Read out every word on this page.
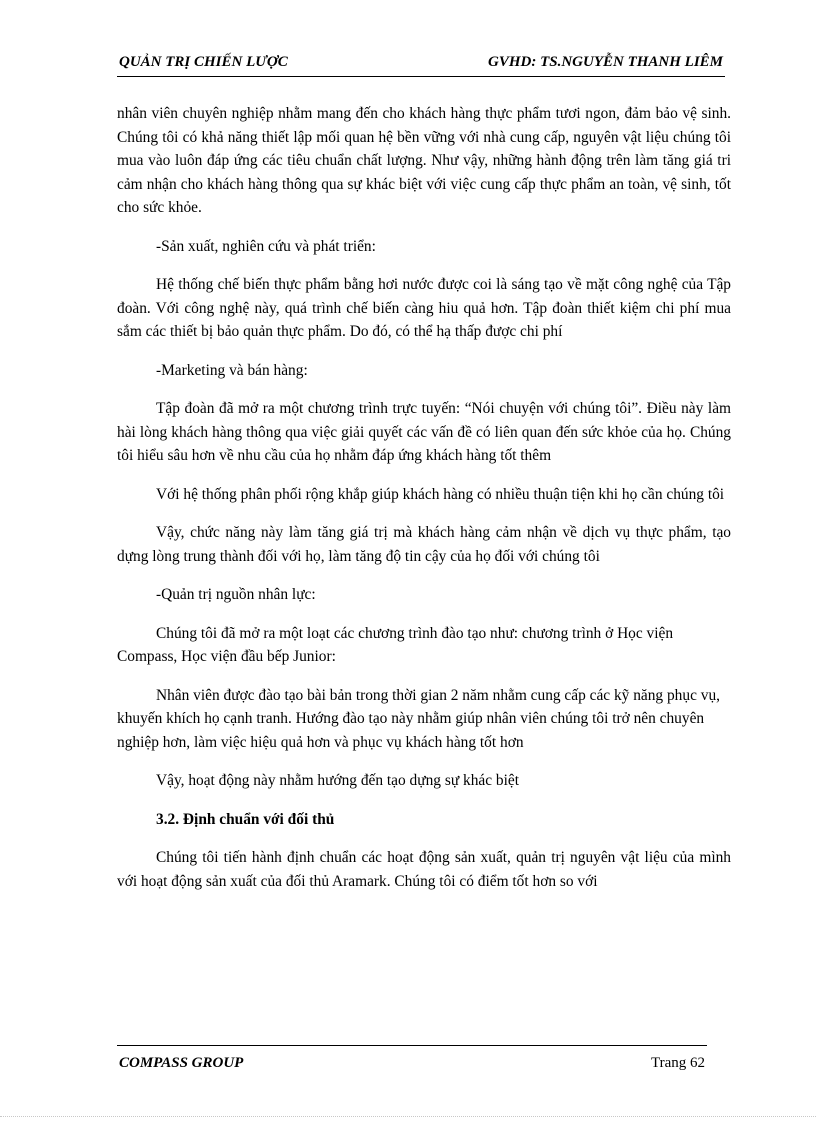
QUẢN TRỊ CHIẾN LƯỢC	GVHD: TS.NGUYỄN THANH LIÊM

nhân viên chuyên nghiệp nhằm mang đến cho khách hàng thực phẩm tươi ngon, đảm bảo vệ sinh. Chúng tôi có khả năng thiết lập mối quan hệ bền vững với nhà cung cấp, nguyên vật liệu chúng tôi mua vào luôn đáp ứng các tiêu chuẩn chất lượng. Như vậy, những hành động trên làm tăng giá tri cảm nhận cho khách hàng thông qua sự khác biệt với việc cung cấp thực phẩm an toàn, vệ sinh, tốt cho sức khỏe.

-Sản xuất, nghiên cứu và phát triển:

Hệ thống chế biến thực phẩm bằng hơi nước được coi là sáng tạo về mặt công nghệ của Tập đoàn. Với công nghệ này, quá trình chế biến càng hiu quả hơn. Tập đoàn thiết kiệm chi phí mua sắm các thiết bị bảo quản thực phẩm. Do đó, có thể hạ thấp được chi phí

-Marketing và bán hàng:

Tập đoàn đã mở ra một chương trình trực tuyến: “Nói chuyện với chúng tôi”. Điều này làm hài lòng khách hàng thông qua việc giải quyết các vấn đề có liên quan đến sức khỏe của họ. Chúng tôi hiểu sâu hơn về nhu cầu của họ nhằm đáp ứng khách hàng tốt thêm

Với hệ thống phân phối rộng khắp giúp khách hàng có nhiều thuận tiện khi họ cần chúng tôi

Vậy, chức năng này làm tăng giá trị mà khách hàng cảm nhận về dịch vụ thực phẩm, tạo dựng lòng trung thành đối với họ, làm tăng độ tin cậy của họ đối với chúng tôi

-Quản trị nguồn nhân lực:

Chúng tôi đã mở ra một loạt các chương trình đào tạo như: chương trình ở Học viện Compass, Học viện đầu bếp Junior:

Nhân viên được đào tạo bài bản trong thời gian 2 năm nhằm cung cấp các kỹ năng phục vụ, khuyến khích họ cạnh tranh. Hướng đào tạo này nhằm giúp nhân viên chúng tôi trở nên chuyên nghiệp hơn, làm việc hiệu quả hơn và phục vụ khách hàng tốt hơn

Vậy, hoạt động này nhằm hướng đến tạo dựng sự khác biệt

3.2. Định chuẩn với đối thủ

Chúng tôi tiến hành định chuẩn các hoạt động sản xuất, quản trị nguyên vật liệu của mình với hoạt động sản xuất của đối thủ Aramark. Chúng tôi có điểm tốt hơn so với

COMPASS GROUP	Trang 62
